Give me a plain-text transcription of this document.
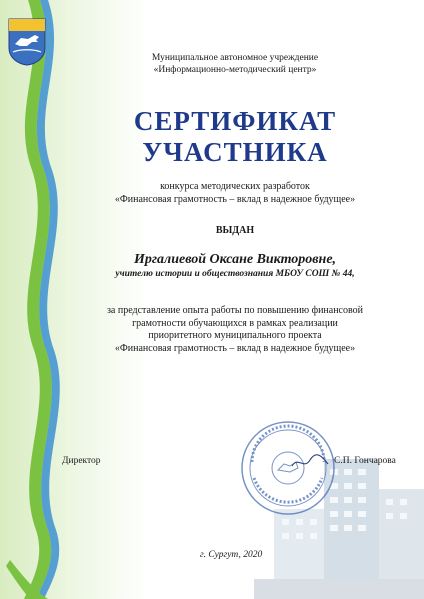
Муниципальное автономное учреждение
«Информационно-методический центр»
СЕРТИФИКАТ
УЧАСТНИКА
конкурса методических разработок
«Финансовая грамотность – вклад в надежное будущее»
ВЫДАН
Иргалиевой Оксане Викторовне,
учителю истории и обществознания МБОУ СОШ № 44,
за представление опыта работы по повышению финансовой
грамотности обучающихся в рамках реализации
приоритетного муниципального проекта
«Финансовая грамотность – вклад в надежное будущее»
Директор	С.П. Гончарова
г. Сургут, 2020
